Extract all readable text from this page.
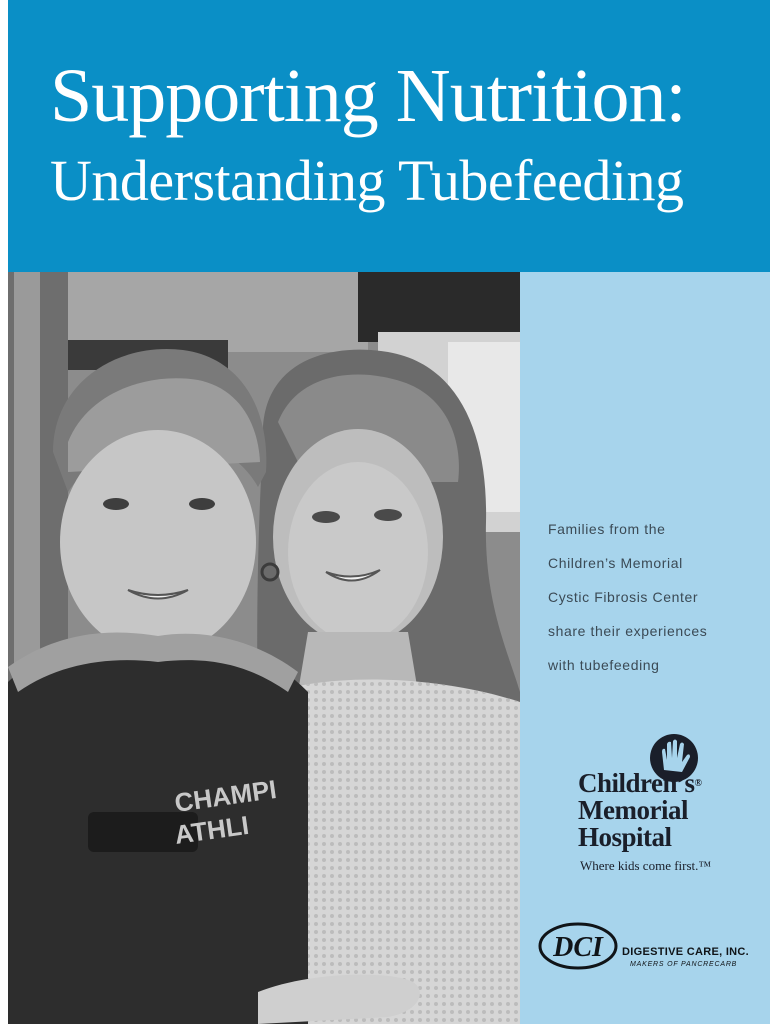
Supporting Nutrition:
Understanding Tubefeeding
CHAMPI
ATHLI
Families from the
Children’s Memorial
Cystic Fibrosis Center
share their experiences
with tubefeeding
Children’s®
Memorial
Hospital
Where kids come first.™
DCI DIGESTIVE CARE, INC.
MAKERS OF PANCRECARB
